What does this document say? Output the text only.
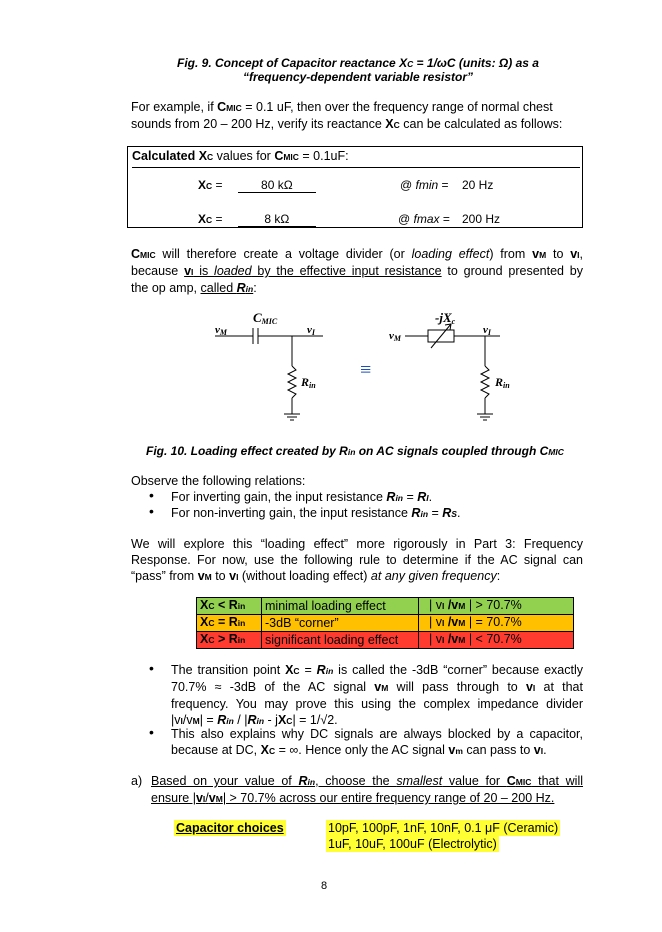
Fig. 9. Concept of Capacitor reactance XC = 1/ωC (units: Ω) as a
“frequency-dependent variable resistor”
For example, if CMIC = 0.1 uF, then over the frequency range of normal chest
sounds from 20 – 200 Hz, verify its reactance XC can be calculated as follows:
Calculated XC values for CMIC = 0.1uF:
XC =	80 kΩ	@ fmin = 20 Hz
XC =	8 kΩ	@ fmax = 200 Hz
CMIC will therefore create a voltage divider (or loading effect) from vM to vI,
because vI is loaded by the effective input resistance to ground presented by
the op amp, called Rin:
vM
CMIC
vI
Rin
≡
vM
-jXc
vI
Rin
Fig. 10. Loading effect created by Rin on AC signals coupled through CMIC
Observe the following relations:
• For inverting gain, the input resistance Rin = RI.
• For non-inverting gain, the input resistance Rin = RS.
We will explore this “loading effect” more rigorously in Part 3: Frequency
Response. For now, use the following rule to determine if the AC signal can
“pass” from vM to vI (without loading effect) at any given frequency:
XC < Rin	minimal loading effect	| vI /vM | > 70.7%
XC = Rin	-3dB “corner”	| vI /vM | = 70.7%
XC > Rin	significant loading effect	| vI /vM | < 70.7%
• The transition point XC = Rin is called the -3dB “corner” because exactly
70.7% ≈ -3dB of the AC signal vM will pass through to vI at that
frequency. You may prove this using the complex impedance divider
|vI/vM| = Rin / |Rin - jXC| = 1/√2.
• This also explains why DC signals are always blocked by a capacitor,
because at DC, XC = ∞. Hence only the AC signal vm can pass to vI.
a) Based on your value of Rin, choose the smallest value for CMIC that will
ensure |vI/vM| > 70.7% across our entire frequency range of 20 – 200 Hz.
Capacitor choices	10pF, 100pF, 1nF, 10nF, 0.1 μF (Ceramic)
1uF, 10uF, 100uF (Electrolytic)
8
